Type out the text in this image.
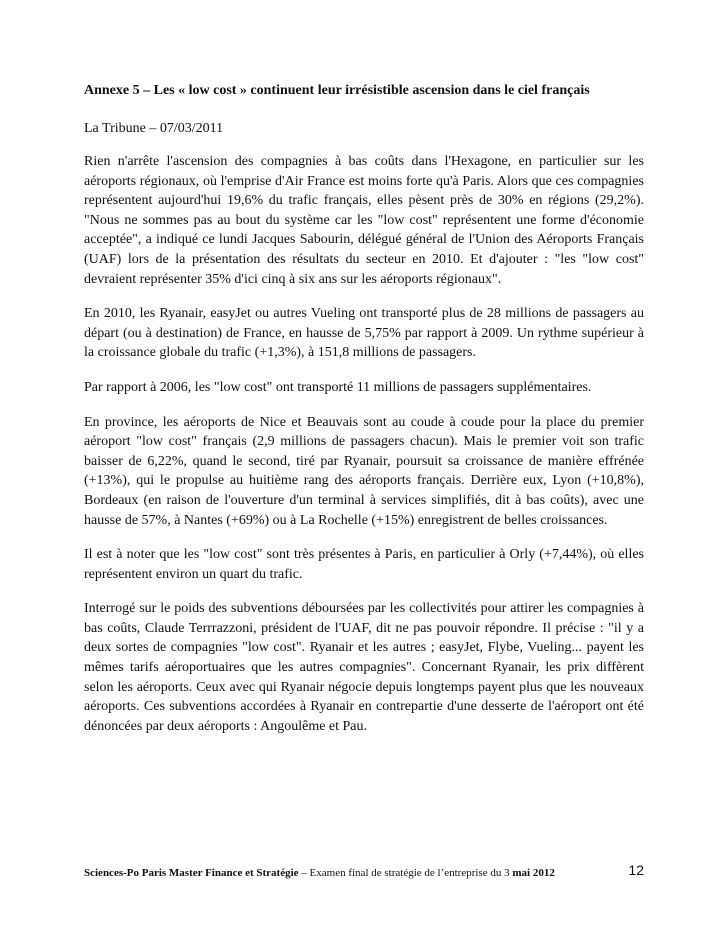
Annexe 5 – Les « low cost » continuent leur irrésistible ascension dans le ciel français
La Tribune – 07/03/2011

Rien n'arrête l'ascension des compagnies à bas coûts dans l'Hexagone, en particulier sur les aéroports régionaux, où l'emprise d'Air France est moins forte qu'à Paris. Alors que ces compagnies représentent aujourd'hui 19,6% du trafic français, elles pèsent près de 30% en régions (29,2%). "Nous ne sommes pas au bout du système car les "low cost" représentent une forme d'économie acceptée", a indiqué ce lundi Jacques Sabourin, délégué général de l'Union des Aéroports Français (UAF) lors de la présentation des résultats du secteur en 2010. Et d'ajouter : "les "low cost" devraient représenter 35% d'ici cinq à six ans sur les aéroports régionaux".

En 2010, les Ryanair, easyJet ou autres Vueling ont transporté plus de 28 millions de passagers au départ (ou à destination) de France, en hausse de 5,75% par rapport à 2009. Un rythme supérieur à la croissance globale du trafic (+1,3%), à 151,8 millions de passagers.

Par rapport à 2006, les "low cost" ont transporté 11 millions de passagers supplémentaires.

En province, les aéroports de Nice et Beauvais sont au coude à coude pour la place du premier aéroport "low cost" français (2,9 millions de passagers chacun). Mais le premier voit son trafic baisser de 6,22%, quand le second, tiré par Ryanair, poursuit sa croissance de manière effrénée (+13%), qui le propulse au huitième rang des aéroports français. Derrière eux, Lyon (+10,8%), Bordeaux (en raison de l'ouverture d'un terminal à services simplifiés, dit à bas coûts), avec une hausse de 57%, à Nantes (+69%) ou à La Rochelle (+15%) enregistrent de belles croissances.

Il est à noter que les "low cost" sont très présentes à Paris, en particulier à Orly (+7,44%), où elles représentent environ un quart du trafic.

Interrogé sur le poids des subventions déboursées par les collectivités pour attirer les compagnies à bas coûts, Claude Terrrazzoni, président de l'UAF, dit ne pas pouvoir répondre. Il précise : "il y a deux sortes de compagnies "low cost". Ryanair et les autres ; easyJet, Flybe, Vueling... payent les mêmes tarifs aéroportuaires que les autres compagnies". Concernant Ryanair, les prix diffèrent selon les aéroports. Ceux avec qui Ryanair négocie depuis longtemps payent plus que les nouveaux aéroports. Ces subventions accordées à Ryanair en contrepartie d'une desserte de l'aéroport ont été dénoncées par deux aéroports : Angoulême et Pau.

Sciences-Po Paris Master Finance et Stratégie – Examen final de stratégie de l’entreprise du 3 mai 2012	12
